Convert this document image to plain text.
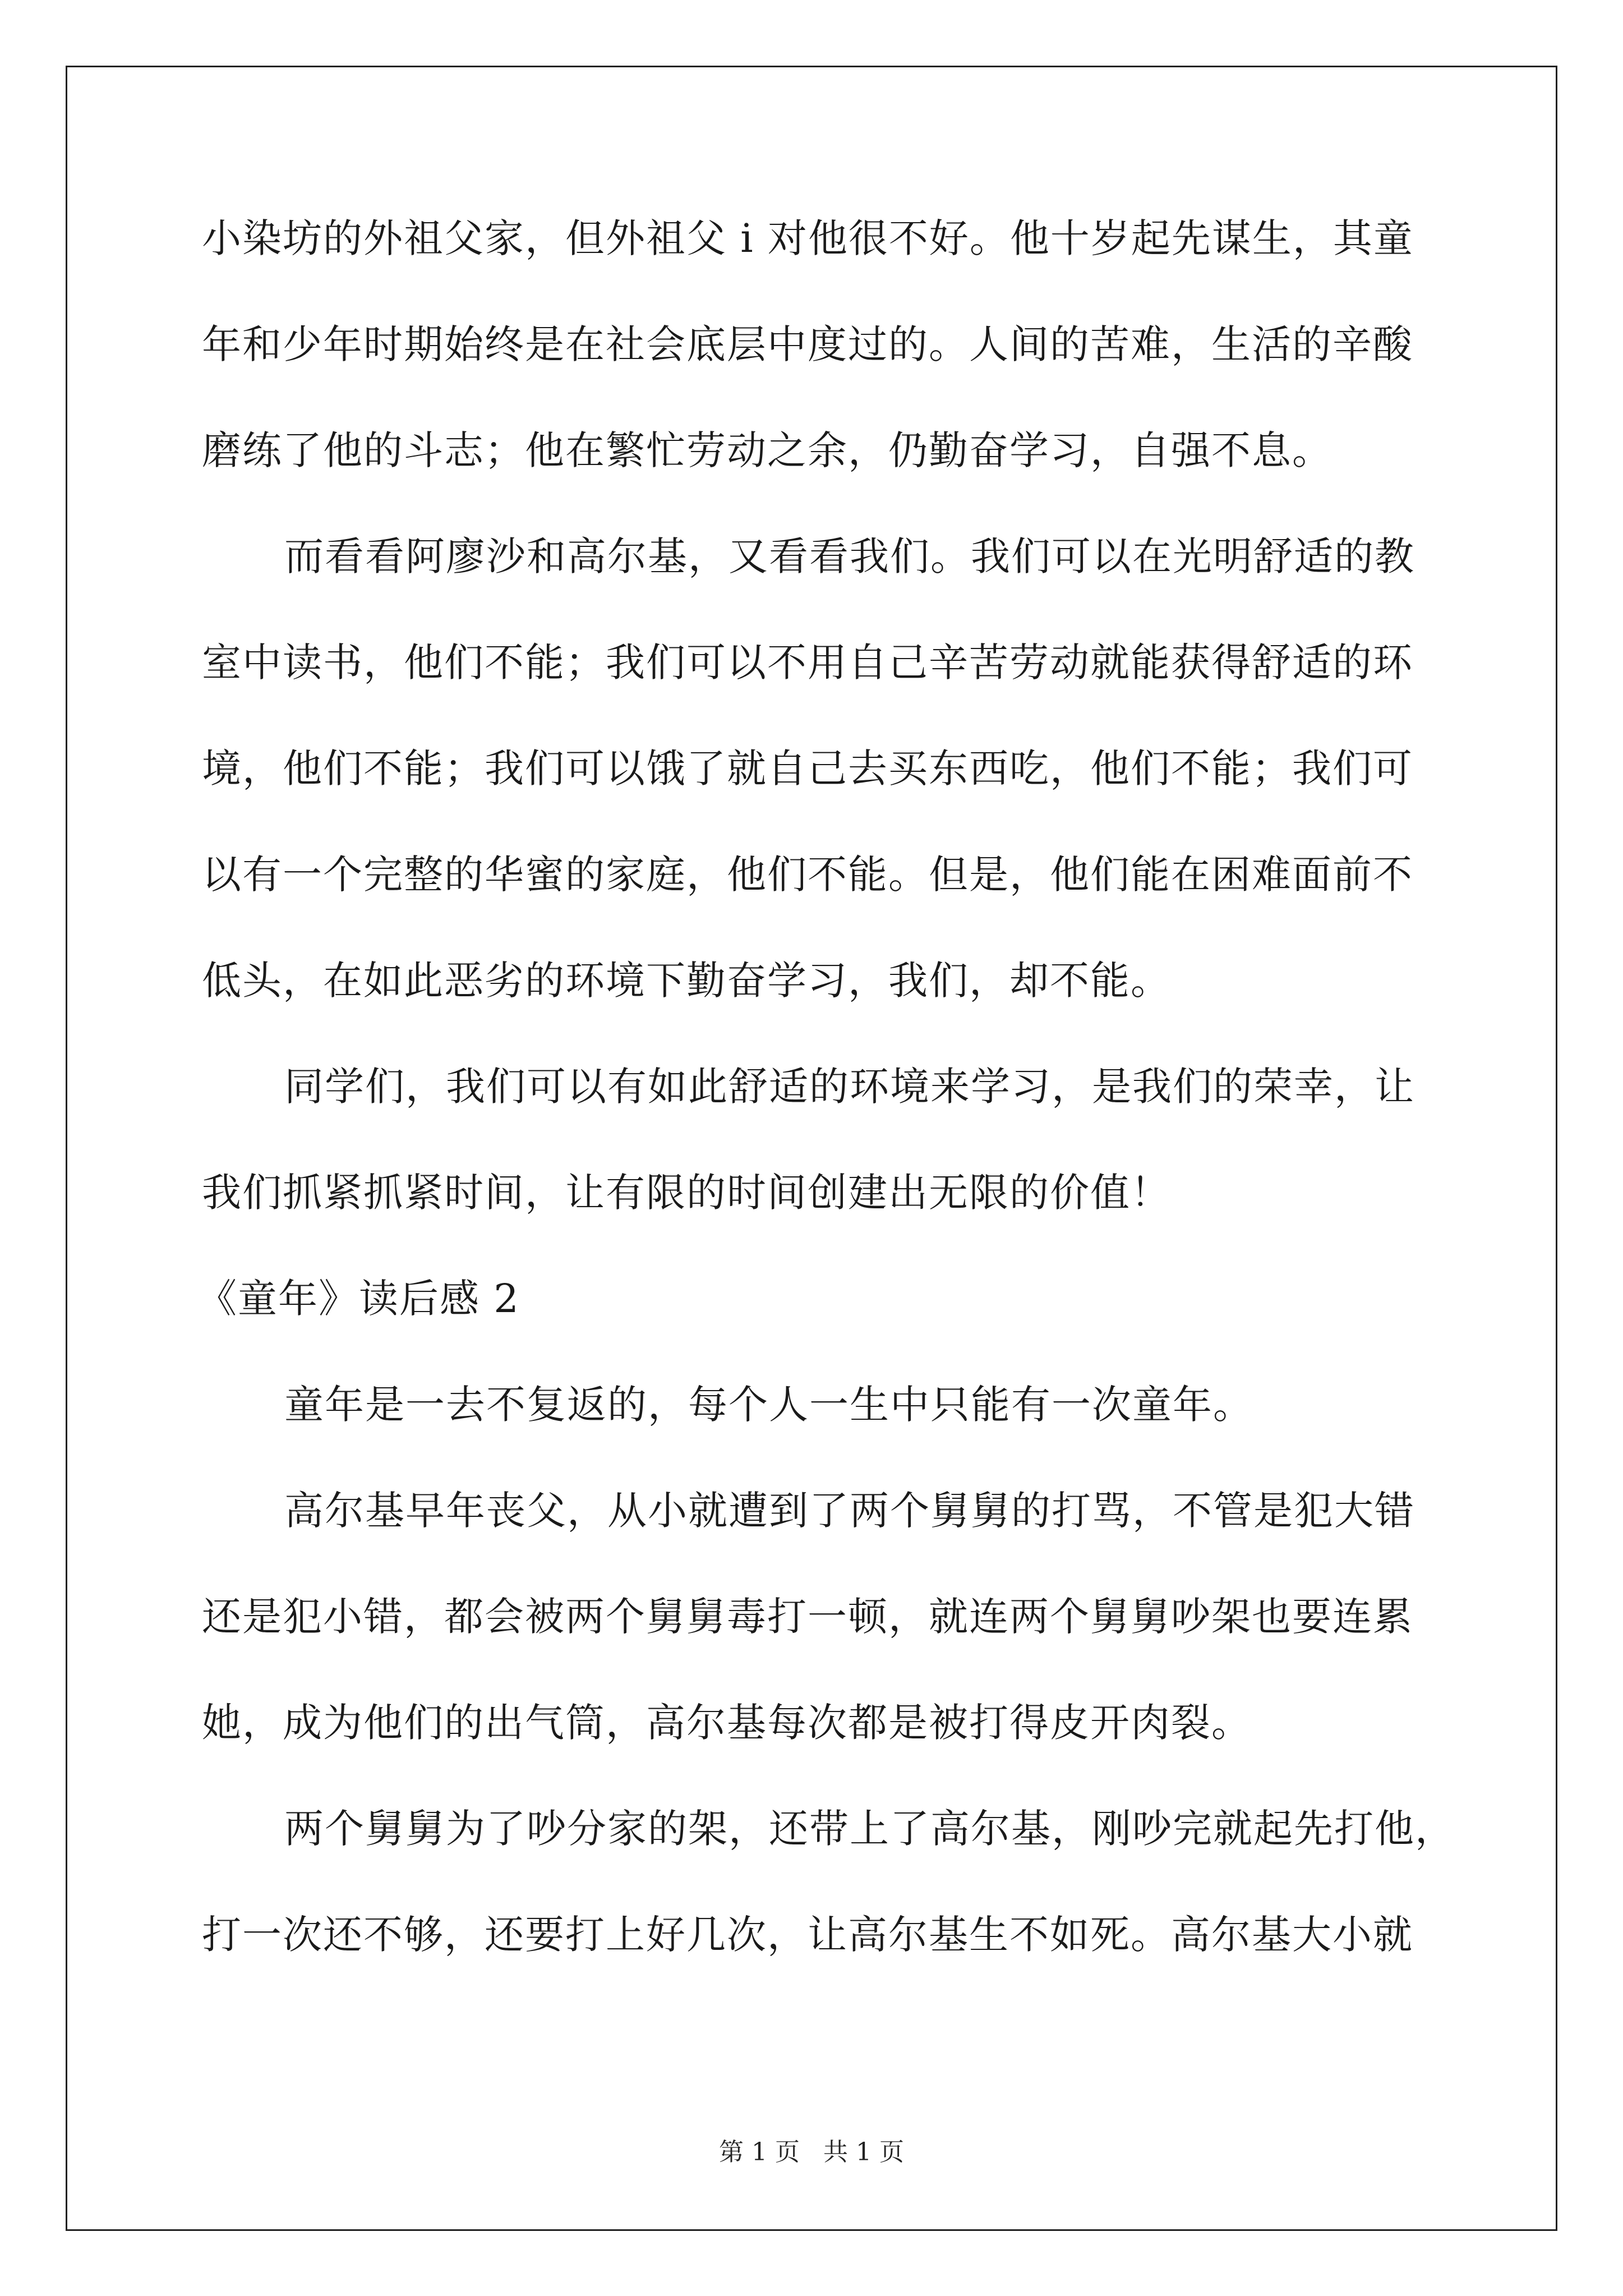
小染坊的外祖父家，但外祖父 i 对他很不好。他十岁起先谋生，其童
年和少年时期始终是在社会底层中度过的。人间的苦难，生活的辛酸
磨练了他的斗志；他在繁忙劳动之余，仍勤奋学习，自强不息。
而看看阿廖沙和高尔基，又看看我们。我们可以在光明舒适的教
室中读书，他们不能；我们可以不用自己辛苦劳动就能获得舒适的环
境，他们不能；我们可以饿了就自己去买东西吃，他们不能；我们可
以有一个完整的华蜜的家庭，他们不能。但是，他们能在困难面前不
低头，在如此恶劣的环境下勤奋学习，我们，却不能。
同学们，我们可以有如此舒适的环境来学习，是我们的荣幸，让
我们抓紧抓紧时间，让有限的时间创建出无限的价值！
《童年》读后感 2
童年是一去不复返的，每个人一生中只能有一次童年。
高尔基早年丧父，从小就遭到了两个舅舅的打骂，不管是犯大错
还是犯小错，都会被两个舅舅毒打一顿，就连两个舅舅吵架也要连累
她，成为他们的出气筒，高尔基每次都是被打得皮开肉裂。
两个舅舅为了吵分家的架，还带上了高尔基，刚吵完就起先打他，
打一次还不够，还要打上好几次，让高尔基生不如死。高尔基大小就
第 1 页   共 1 页
